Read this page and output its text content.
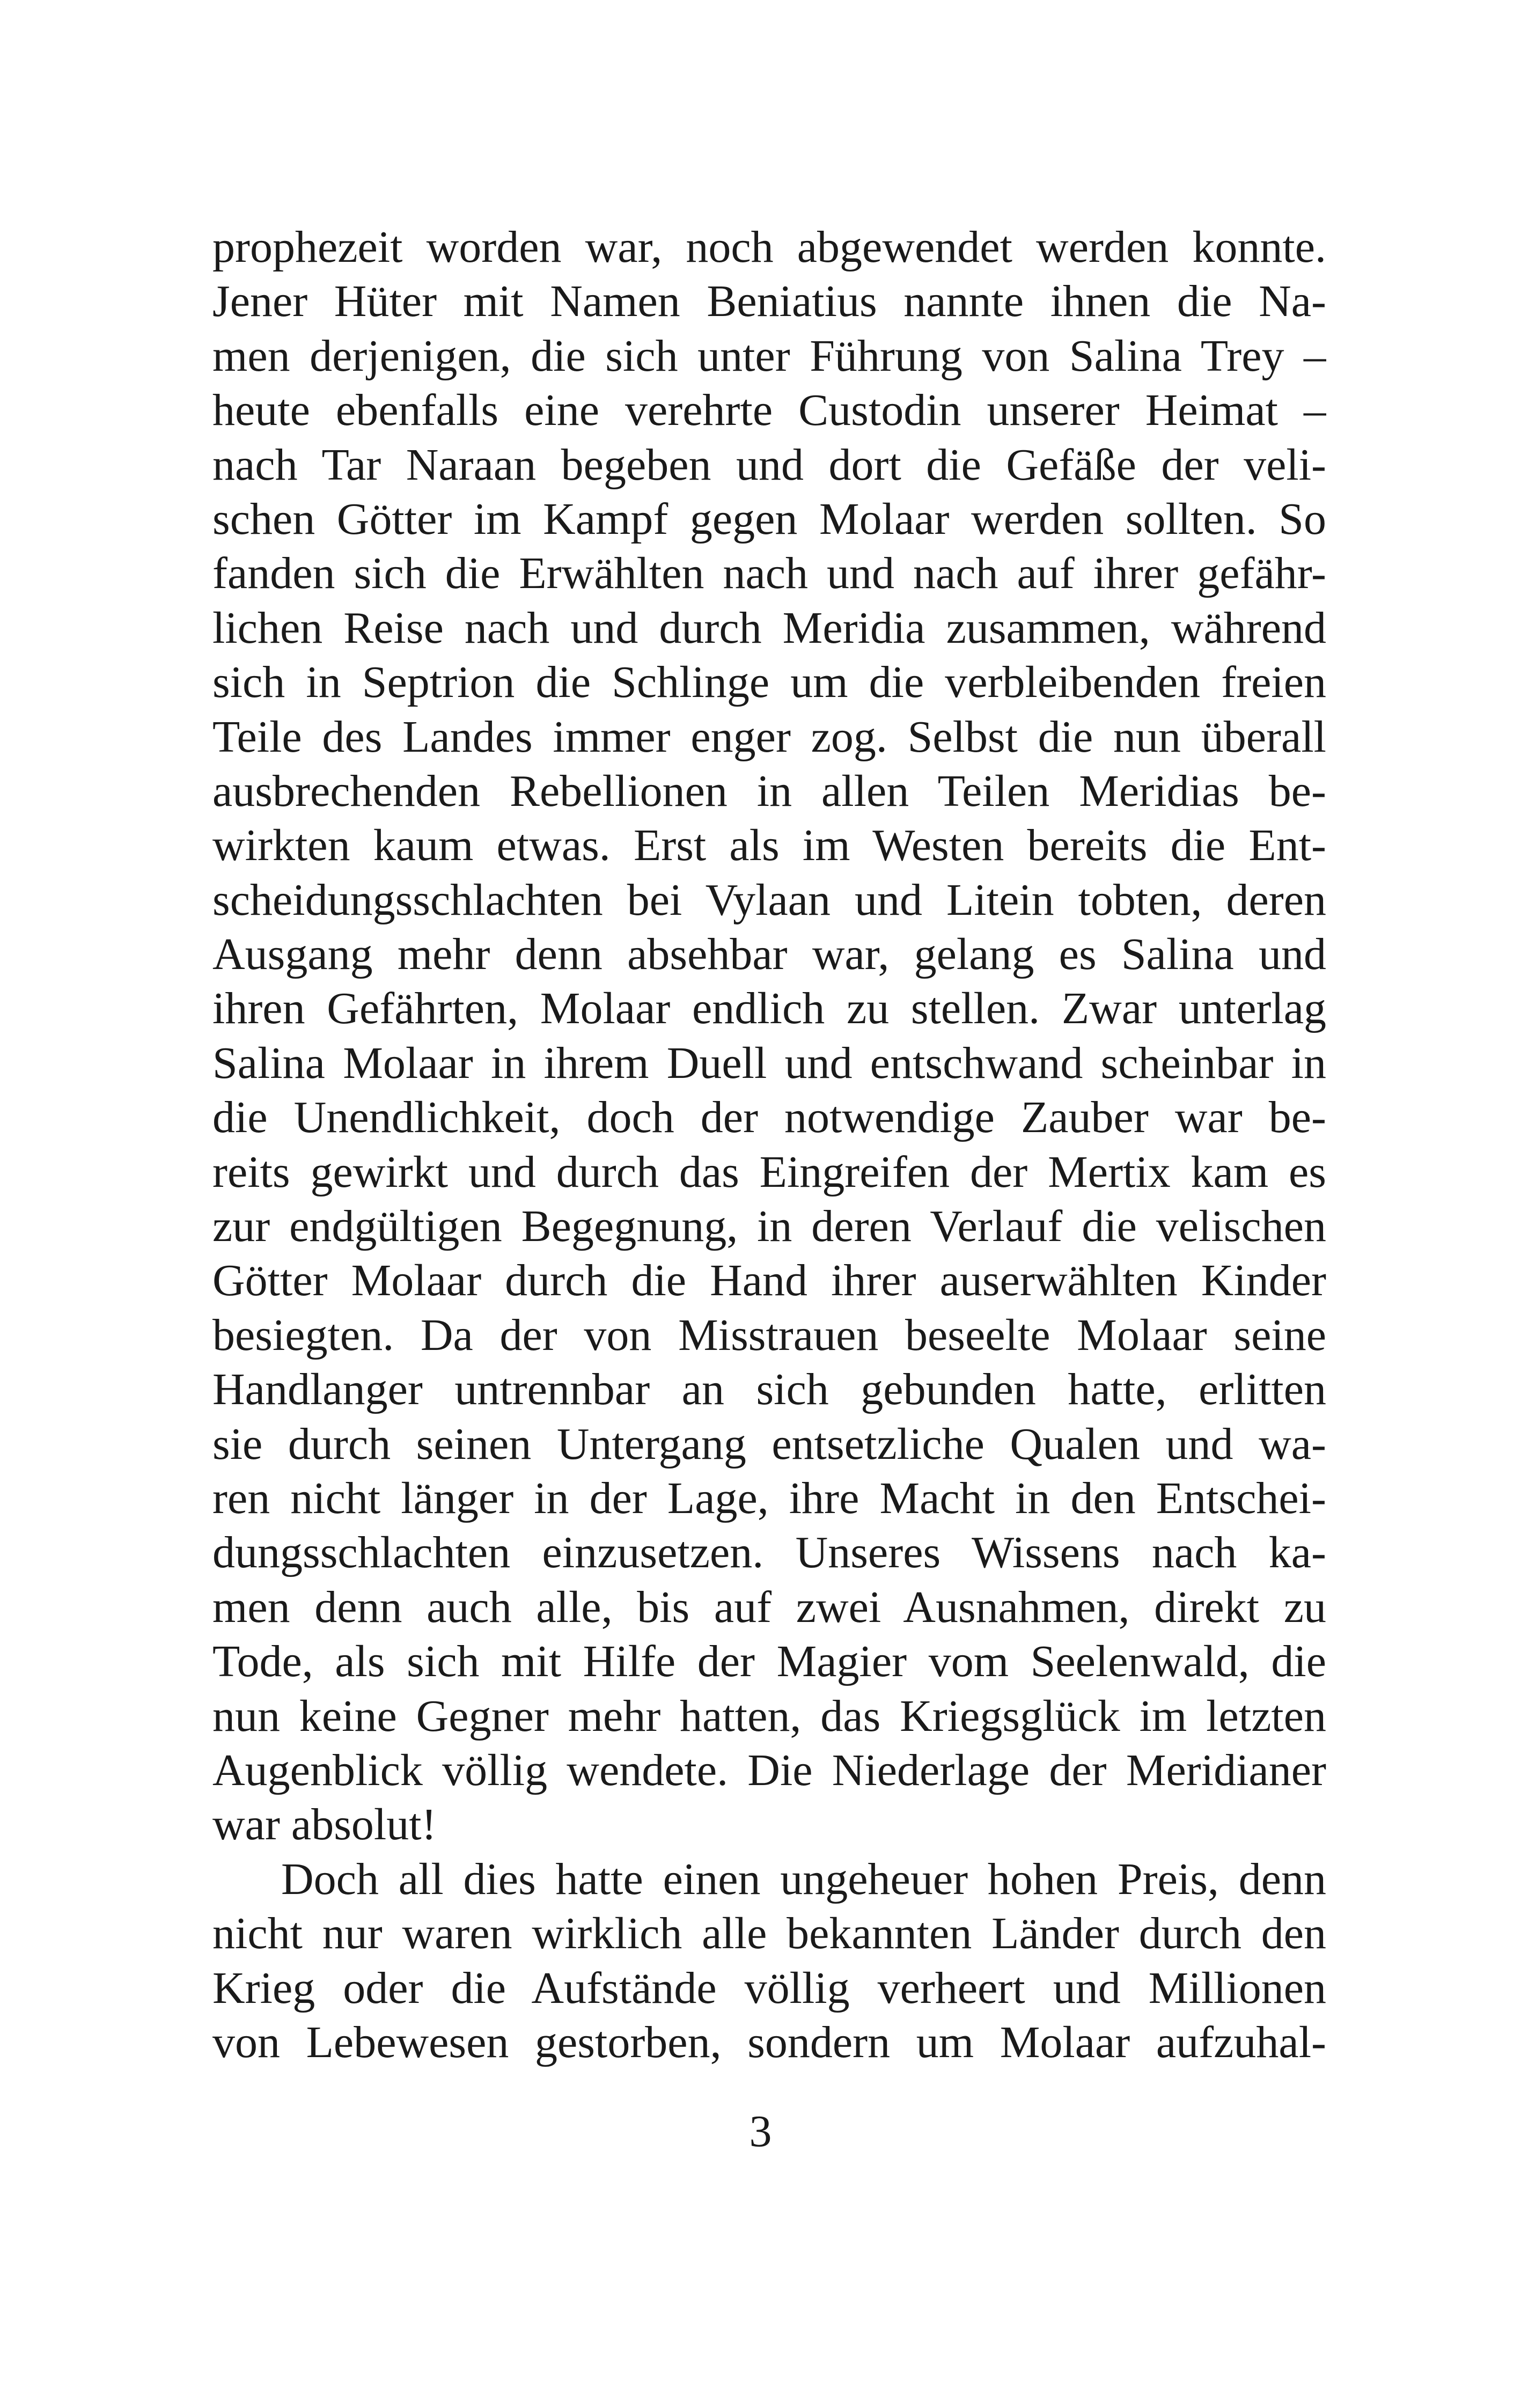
prophezeit worden war, noch abgewendet werden konnte.
Jener Hüter mit Namen Beniatius nannte ihnen die Na-
men derjenigen, die sich unter Führung von Salina Trey –
heute ebenfalls eine verehrte Custodin unserer Heimat –
nach Tar Naraan begeben und dort die Gefäße der veli-
schen Götter im Kampf gegen Molaar werden sollten. So
fanden sich die Erwählten nach und nach auf ihrer gefähr-
lichen Reise nach und durch Meridia zusammen, während
sich in Septrion die Schlinge um die verbleibenden freien
Teile des Landes immer enger zog. Selbst die nun überall
ausbrechenden Rebellionen in allen Teilen Meridias be-
wirkten kaum etwas. Erst als im Westen bereits die Ent-
scheidungsschlachten bei Vylaan und Litein tobten, deren
Ausgang mehr denn absehbar war, gelang es Salina und
ihren Gefährten, Molaar endlich zu stellen. Zwar unterlag
Salina Molaar in ihrem Duell und entschwand scheinbar in
die Unendlichkeit, doch der notwendige Zauber war be-
reits gewirkt und durch das Eingreifen der Mertix kam es
zur endgültigen Begegnung, in deren Verlauf die velischen
Götter Molaar durch die Hand ihrer auserwählten Kinder
besiegten. Da der von Misstrauen beseelte Molaar seine
Handlanger untrennbar an sich gebunden hatte, erlitten
sie durch seinen Untergang entsetzliche Qualen und wa-
ren nicht länger in der Lage, ihre Macht in den Entschei-
dungsschlachten einzusetzen. Unseres Wissens nach ka-
men denn auch alle, bis auf zwei Ausnahmen, direkt zu
Tode, als sich mit Hilfe der Magier vom Seelenwald, die
nun keine Gegner mehr hatten, das Kriegsglück im letzten
Augenblick völlig wendete. Die Niederlage der Meridianer
war absolut!
Doch all dies hatte einen ungeheuer hohen Preis, denn
nicht nur waren wirklich alle bekannten Länder durch den
Krieg oder die Aufstände völlig verheert und Millionen
von Lebewesen gestorben, sondern um Molaar aufzuhal-
3
